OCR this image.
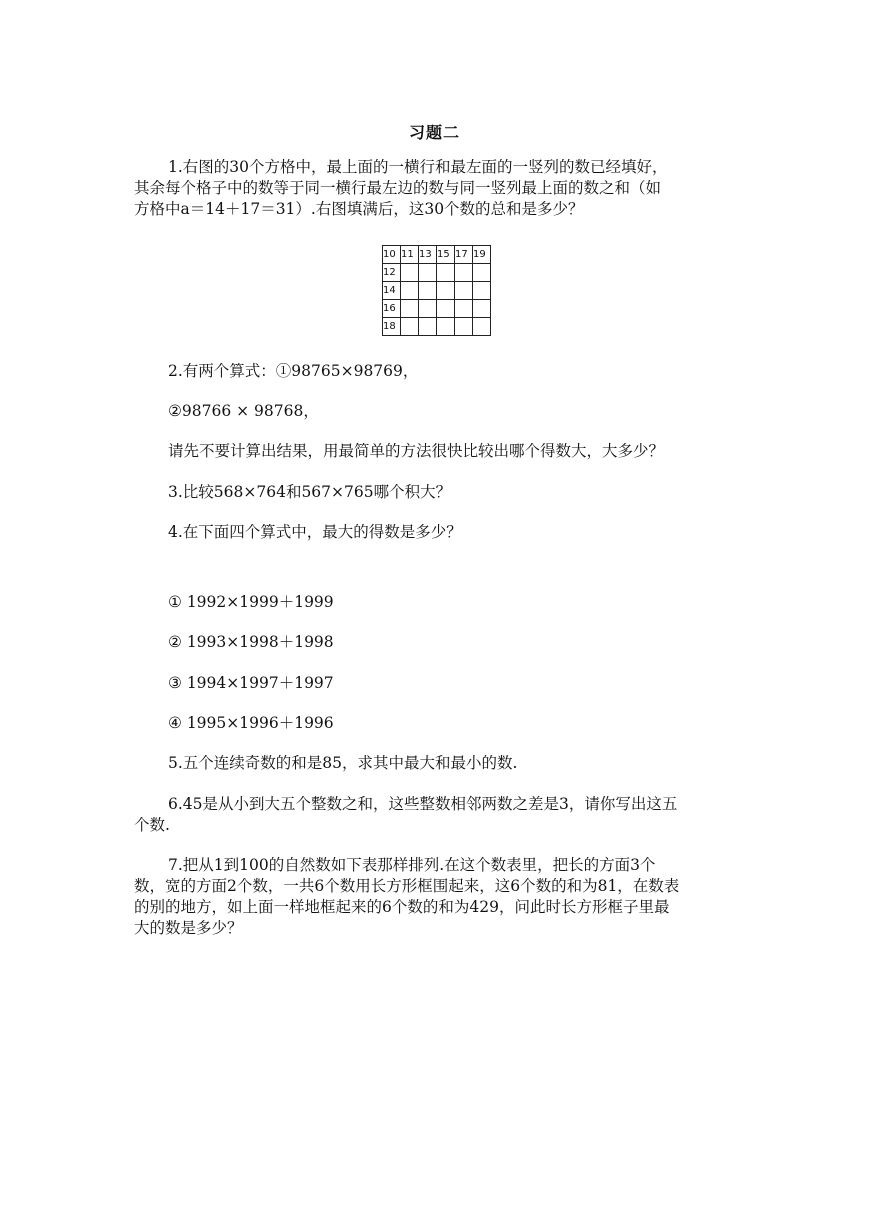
习题二
1.右图的30个方格中，最上面的一横行和最左面的一竖列的数已经填好，
其余每个格子中的数等于同一横行最左边的数与同一竖列最上面的数之和（如
方格中a＝14＋17＝31）.右图填满后，这30个数的总和是多少？
10	11	13	15	17	19
12					
14					
16					
18					
2.有两个算式：①98765×98769，
②98766 × 98768，
请先不要计算出结果，用最简单的方法很快比较出哪个得数大，大多少？
3.比较568×764和567×765哪个积大？
4.在下面四个算式中，最大的得数是多少？
① 1992×1999＋1999
② 1993×1998＋1998
③ 1994×1997＋1997
④ 1995×1996＋1996
5.五个连续奇数的和是85，求其中最大和最小的数.
6.45是从小到大五个整数之和，这些整数相邻两数之差是3，请你写出这五
个数.
7.把从1到100的自然数如下表那样排列.在这个数表里，把长的方面3个
数，宽的方面2个数，一共6个数用长方形框围起来，这6个数的和为81，在数表
的别的地方，如上面一样地框起来的6个数的和为429，问此时长方形框子里最
大的数是多少？
